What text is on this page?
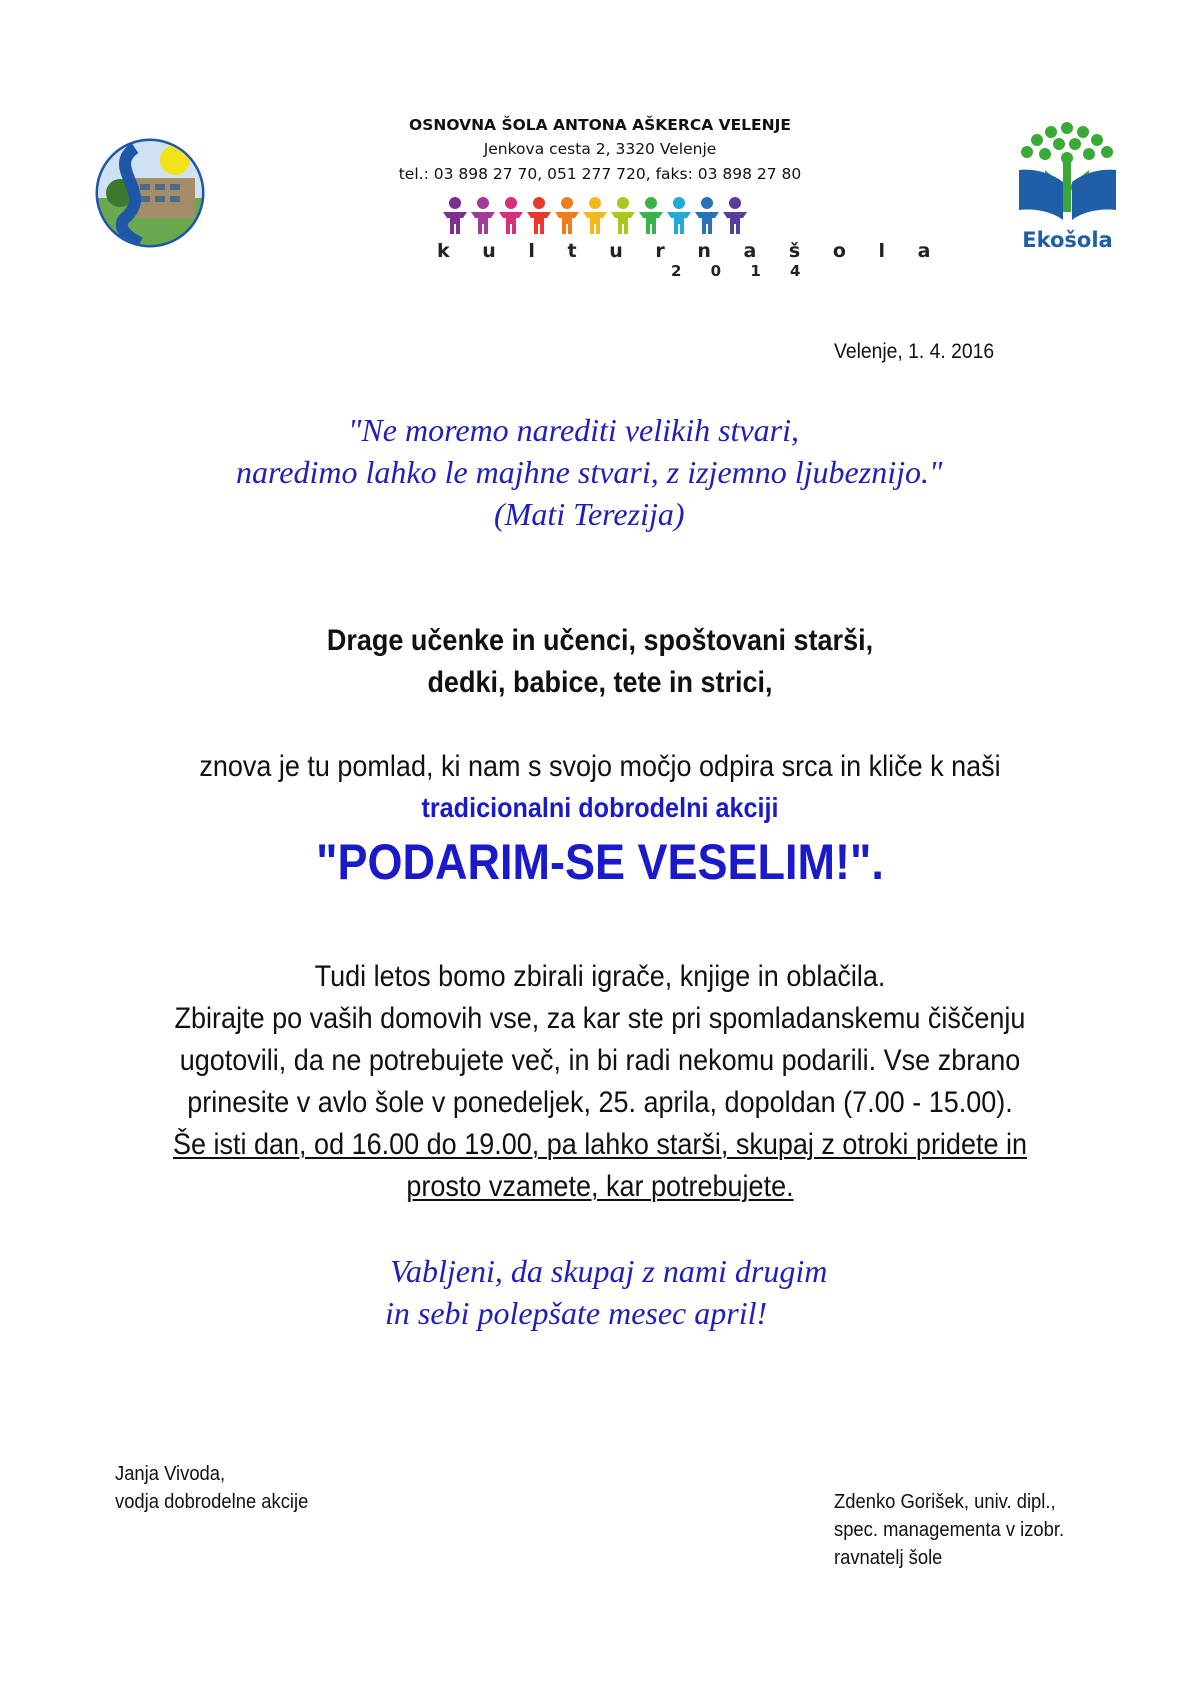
OSNOVNA ŠOLA ANTONA AŠKERCA VELENJE
Jenkova cesta 2, 3320 Velenje
tel.: 03 898 27 70, 051 277 720, faks: 03 898 27 80
k u l t u r n a š o l a
2 0 1 4
Ekošola
Velenje, 1. 4. 2016
"Ne moremo narediti velikih stvari,
naredimo lahko le majhne stvari, z izjemno ljubeznijo."
(Mati Terezija)
Drage učenke in učenci, spoštovani starši,
dedki, babice, tete in strici,
znova je tu pomlad, ki nam s svojo močjo odpira srca in kliče k naši
tradicionalni dobrodelni akciji
"PODARIM-SE VESELIM!".
Tudi letos bomo zbirali igrače, knjige in oblačila.
Zbirajte po vaših domovih vse, za kar ste pri spomladanskemu čiščenju
ugotovili, da ne potrebujete več, in bi radi nekomu podarili. Vse zbrano
prinesite v avlo šole v ponedeljek, 25. aprila, dopoldan (7.00 - 15.00).
Še isti dan, od 16.00 do 19.00, pa lahko starši, skupaj z otroki pridete in
prosto vzamete, kar potrebujete.
Vabljeni, da skupaj z nami drugim
in sebi polepšate mesec april!
Janja Vivoda,
vodja dobrodelne akcije	Zdenko Gorišek, univ. dipl.,
spec. managementa v izobr.
ravnatelj šole
